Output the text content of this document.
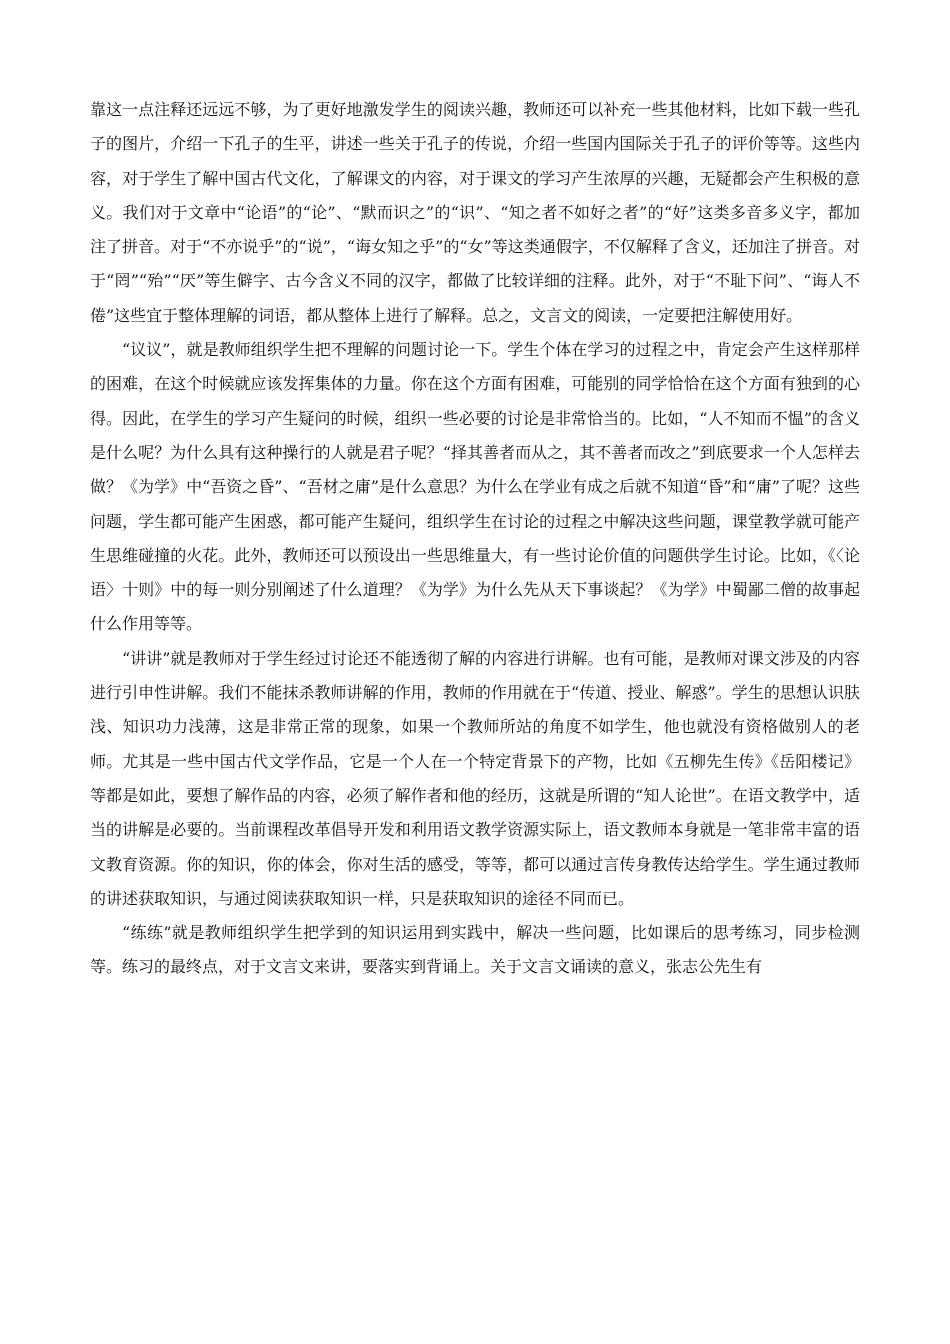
靠这一点注释还远远不够，为了更好地激发学生的阅读兴趣，教师还可以补充一些其他材料，比如下载一些孔子的图片，介绍一下孔子的生平，讲述一些关于孔子的传说，介绍一些国内国际关于孔子的评价等等。这些内容，对于学生了解中国古代文化，了解课文的内容，对于课文的学习产生浓厚的兴趣，无疑都会产生积极的意义。我们对于文章中“论语”的“论”、“默而识之”的“识”、“知之者不如好之者”的“好”这类多音多义字，都加注了拼音。对于“不亦说乎”的“说”，“诲女知之乎”的“女”等这类通假字，不仅解释了含义，还加注了拼音。对于“罔”“殆”“厌”等生僻字、古今含义不同的汉字，都做了比较详细的注释。此外，对于“不耻下问”、“诲人不倦”这些宜于整体理解的词语，都从整体上进行了解释。总之，文言文的阅读，一定要把注解使用好。

“议议”，就是教师组织学生把不理解的问题讨论一下。学生个体在学习的过程之中，肯定会产生这样那样的困难，在这个时候就应该发挥集体的力量。你在这个方面有困难，可能别的同学恰恰在这个方面有独到的心得。因此，在学生的学习产生疑问的时候，组织一些必要的讨论是非常恰当的。比如，“人不知而不愠”的含义是什么呢？为什么具有这种操行的人就是君子呢？“择其善者而从之，其不善者而改之”到底要求一个人怎样去做？《为学》中“吾资之昏”、“吾材之庸”是什么意思？为什么在学业有成之后就不知道“昏”和“庸”了呢？这些问题，学生都可能产生困惑，都可能产生疑问，组织学生在讨论的过程之中解决这些问题，课堂教学就可能产生思维碰撞的火花。此外，教师还可以预设出一些思维量大，有一些讨论价值的问题供学生讨论。比如，《〈论语〉十则》中的每一则分别阐述了什么道理？《为学》为什么先从天下事谈起？《为学》中蜀鄙二僧的故事起什么作用等等。

“讲讲”就是教师对于学生经过讨论还不能透彻了解的内容进行讲解。也有可能，是教师对课文涉及的内容进行引申性讲解。我们不能抹杀教师讲解的作用，教师的作用就在于“传道、授业、解惑”。学生的思想认识肤浅、知识功力浅薄，这是非常正常的现象，如果一个教师所站的角度不如学生，他也就没有资格做别人的老师。尤其是一些中国古代文学作品，它是一个人在一个特定背景下的产物，比如《五柳先生传》《岳阳楼记》等都是如此，要想了解作品的内容，必须了解作者和他的经历，这就是所谓的“知人论世”。在语文教学中，适当的讲解是必要的。当前课程改革倡导开发和利用语文教学资源实际上，语文教师本身就是一笔非常丰富的语文教育资源。你的知识，你的体会，你对生活的感受，等等，都可以通过言传身教传达给学生。学生通过教师的讲述获取知识，与通过阅读获取知识一样，只是获取知识的途径不同而已。

“练练”就是教师组织学生把学到的知识运用到实践中，解决一些问题，比如课后的思考练习，同步检测等。练习的最终点，对于文言文来讲，要落实到背诵上。关于文言文诵读的意义，张志公先生有
